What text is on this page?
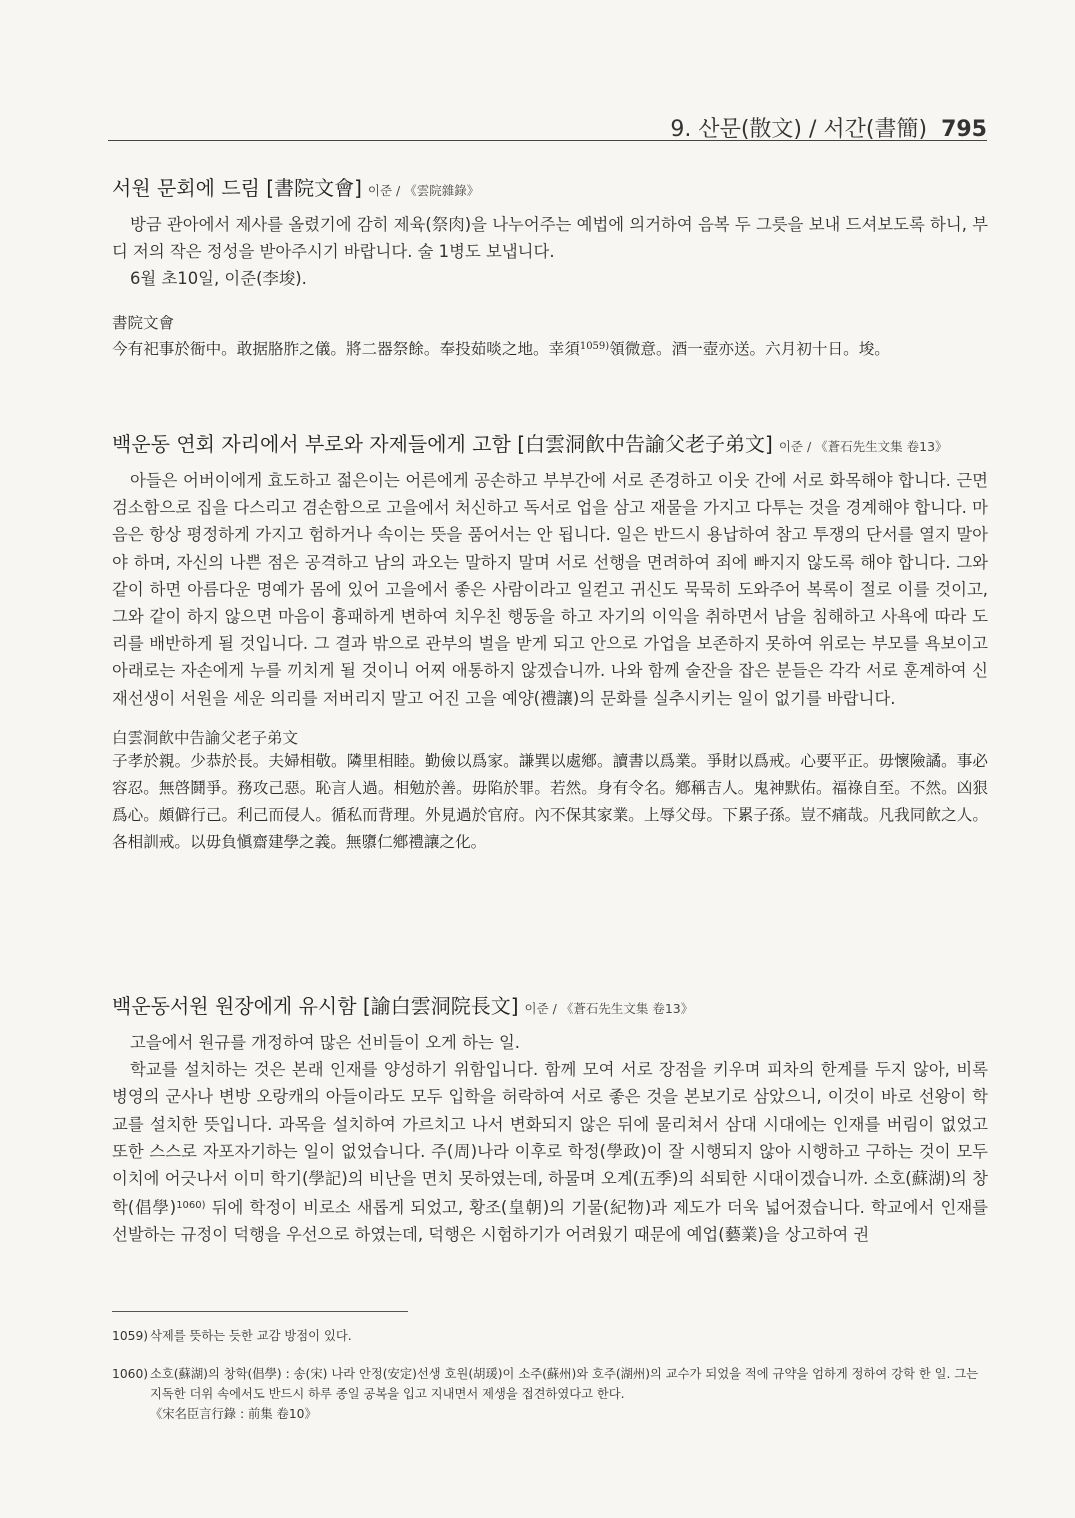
9. 산문(散文) / 서간(書簡) 795
서원 문회에 드림 [書院文會] 이준 / 《雲院雜錄》

방금 관아에서 제사를 올렸기에 감히 제육(祭肉)을 나누어주는 예법에 의거하여 음복 두 그릇을 보내 드셔보도록 하니, 부디 저의 작은 정성을 받아주시기 바랍니다. 술 1병도 보냅니다.

6월 초10일, 이준(李埈).

書院文會

今有祀事於衙中。敢据胳胙之儀。將二器祭餘。奉投茹啖之地。幸須$^{1059)}$領微意。酒一壺亦送。六月初十日。埈。

백운동 연회 자리에서 부로와 자제들에게 고함 [白雲洞飮中告諭父老子弟文] 이준 / 《蒼石先生文集 卷13》

아들은 어버이에게 효도하고 젊은이는 어른에게 공손하고 부부간에 서로 존경하고 이웃 간에 서로 화목해야 합니다. 근면 검소함으로 집을 다스리고 겸손함으로 고을에서 처신하고 독서로 업을 삼고 재물을 가지고 다투는 것을 경계해야 합니다. 마음은 항상 평정하게 가지고 험하거나 속이는 뜻을 품어서는 안 됩니다. 일은 반드시 용납하여 참고 투쟁의 단서를 열지 말아야 하며, 자신의 나쁜 점은 공격하고 남의 과오는 말하지 말며 서로 선행을 면려하여 죄에 빠지지 않도록 해야 합니다. 그와 같이 하면 아름다운 명예가 몸에 있어 고을에서 좋은 사람이라고 일컫고 귀신도 묵묵히 도와주어 복록이 절로 이를 것이고, 그와 같이 하지 않으면 마음이 흉패하게 변하여 치우친 행동을 하고 자기의 이익을 취하면서 남을 침해하고 사욕에 따라 도리를 배반하게 될 것입니다. 그 결과 밖으로 관부의 벌을 받게 되고 안으로 가업을 보존하지 못하여 위로는 부모를 욕보이고 아래로는 자손에게 누를 끼치게 될 것이니 어찌 애통하지 않겠습니까. 나와 함께 술잔을 잡은 분들은 각각 서로 훈계하여 신재선생이 서원을 세운 의리를 저버리지 말고 어진 고을 예양(禮讓)의 문화를 실추시키는 일이 없기를 바랍니다.

白雲洞飮中告諭父老子弟文

子孝於親。少恭於長。夫婦相敬。隣里相睦。勤儉以爲家。謙巽以處鄕。讀書以爲業。爭財以爲戒。心要平正。毋懷險譎。事必容忍。無啓鬪爭。務攻己惡。恥言人過。相勉於善。毋陷於罪。若然。身有令名。鄕稱吉人。鬼神默佑。福祿自至。不然。凶狠爲心。頗僻行己。利己而侵人。循私而背理。外見過於官府。內不保其家業。上辱父母。下累子孫。豈不痛哉。凡我同飮之人。各相訓戒。以毋負愼齋建學之義。無隳仁鄕禮讓之化。

백운동서원 원장에게 유시함 [諭白雲洞院長文] 이준 / 《蒼石先生文集 卷13》

고을에서 원규를 개정하여 많은 선비들이 오게 하는 일.

학교를 설치하는 것은 본래 인재를 양성하기 위함입니다. 함께 모여 서로 장점을 키우며 피차의 한계를 두지 않아, 비록 병영의 군사나 변방 오랑캐의 아들이라도 모두 입학을 허락하여 서로 좋은 것을 본보기로 삼았으니, 이것이 바로 선왕이 학교를 설치한 뜻입니다. 과목을 설치하여 가르치고 나서 변화되지 않은 뒤에 물리쳐서 삼대 시대에는 인재를 버림이 없었고 또한 스스로 자포자기하는 일이 없었습니다. 주(周)나라 이후로 학정(學政)이 잘 시행되지 않아 시행하고 구하는 것이 모두 이치에 어긋나서 이미 학기(學記)의 비난을 면치 못하였는데, 하물며 오계(五季)의 쇠퇴한 시대이겠습니까. 소호(蘇湖)의 창학(倡學)$^{1060)}$ 뒤에 학정이 비로소 새롭게 되었고, 황조(皇朝)의 기물(紀物)과 제도가 더욱 넓어졌습니다. 학교에서 인재를 선발하는 규정이 덕행을 우선으로 하였는데, 덕행은 시험하기가 어려웠기 때문에 예업(藝業)을 상고하여 권

1059) 삭제를 뜻하는 듯한 교감 방점이 있다.
1060) 소호(蘇湖)의 창학(倡學) : 송(宋) 나라 안정(安定)선생 호원(胡瑗)이 소주(蘇州)와 호주(湖州)의 교수가 되었을 적에 규약을 엄하게 정하여 강학 한 일. 그는 지독한 더위 속에서도 반드시 하루 종일 공복을 입고 지내면서 제생을 접견하였다고 한다.
《宋名臣言行錄 : 前集 卷10》
